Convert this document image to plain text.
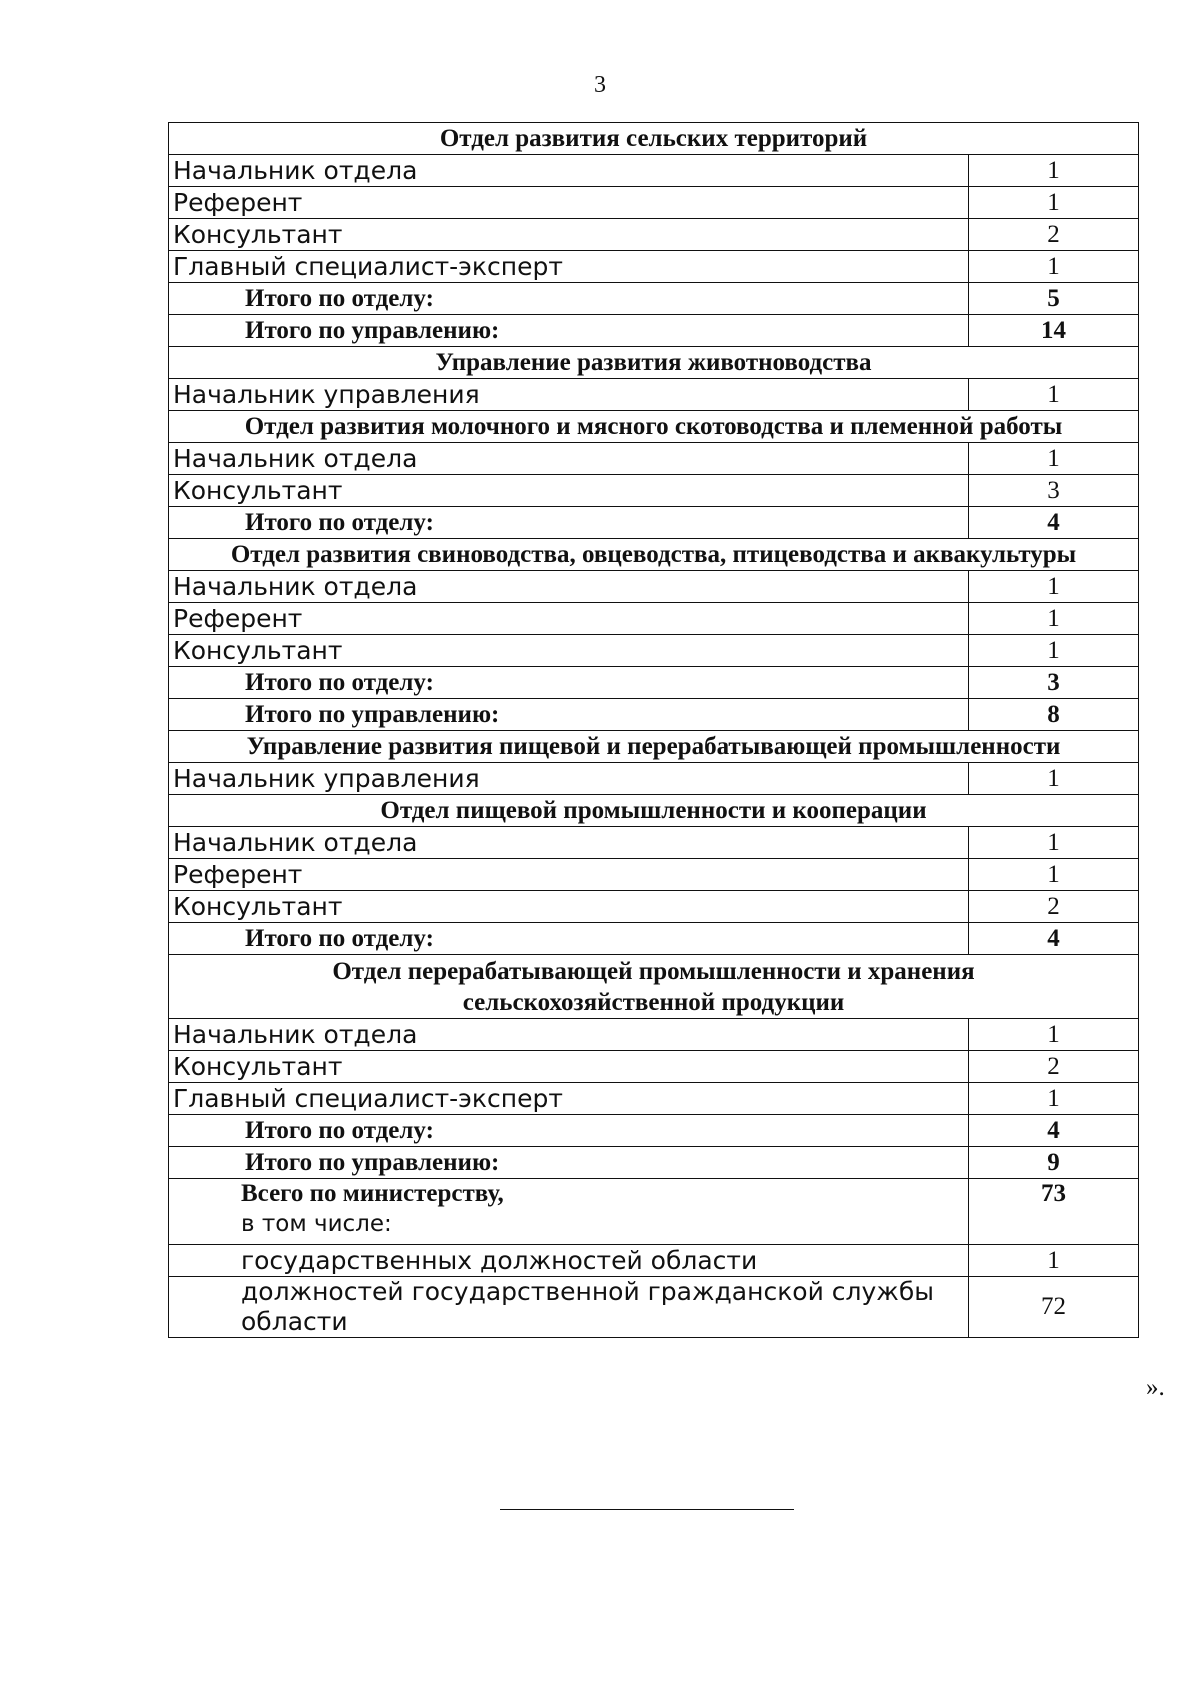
3
Отдел развития сельских территорий	
Начальник отдела	1
Референт	1
Консультант	2
Главный специалист-эксперт	1
Итого по отделу:	5
Итого по управлению:	14
Управление развития животноводства	
Начальник управления	1
Отдел развития молочного и мясного скотоводства и племенной работы	
Начальник отдела	1
Консультант	3
Итого по отделу:	4
Отдел развития свиноводства, овцеводства, птицеводства и аквакультуры	
Начальник отдела	1
Референт	1
Консультант	1
Итого по отделу:	3
Итого по управлению:	8
Управление развития пищевой и перерабатывающей промышленности	
Начальник управления	1
Отдел пищевой промышленности и кооперации	
Начальник отдела	1
Референт	1
Консультант	2
Итого по отделу:	4

Отдел перерабатывающей промышленности и хранения
сельскохозяйственной продукции	

Начальник отдела	1
Консультант	2
Главный специалист-эксперт	1
Итого по отделу:	4
Итого по управлению:	9

Всего по министерству,
в том числе:	73
государственных должностей области	1
должностей государственной гражданской службы области	72
».
